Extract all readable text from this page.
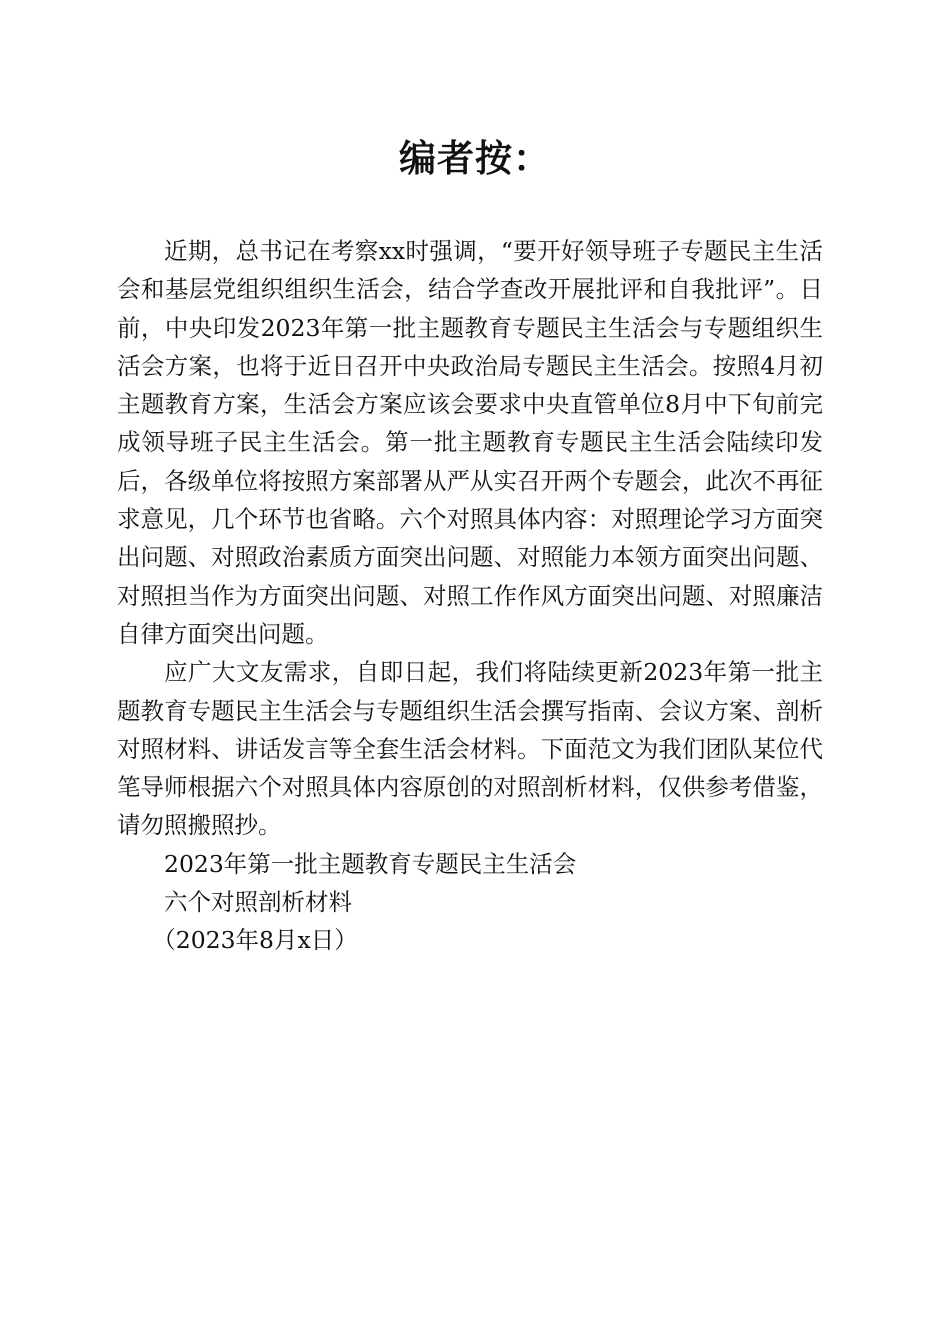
编者按：

近期，总书记在考察xx时强调，“要开好领导班子专题民主生活会和基层党组织组织生活会，结合学查改开展批评和自我批评”。日前，中央印发2023年第一批主题教育专题民主生活会与专题组织生活会方案，也将于近日召开中央政治局专题民主生活会。按照4月初主题教育方案，生活会方案应该会要求中央直管单位8月中下旬前完成领导班子民主生活会。第一批主题教育专题民主生活会陆续印发后，各级单位将按照方案部署从严从实召开两个专题会，此次不再征求意见，几个环节也省略。六个对照具体内容：对照理论学习方面突出问题、对照政治素质方面突出问题、对照能力本领方面突出问题、对照担当作为方面突出问题、对照工作作风方面突出问题、对照廉洁自律方面突出问题。

应广大文友需求，自即日起，我们将陆续更新2023年第一批主题教育专题民主生活会与专题组织生活会撰写指南、会议方案、剖析对照材料、讲话发言等全套生活会材料。下面范文为我们团队某位代笔导师根据六个对照具体内容原创的对照剖析材料，仅供参考借鉴，请勿照搬照抄。

2023年第一批主题教育专题民主生活会

六个对照剖析材料

（2023年8月x日）
